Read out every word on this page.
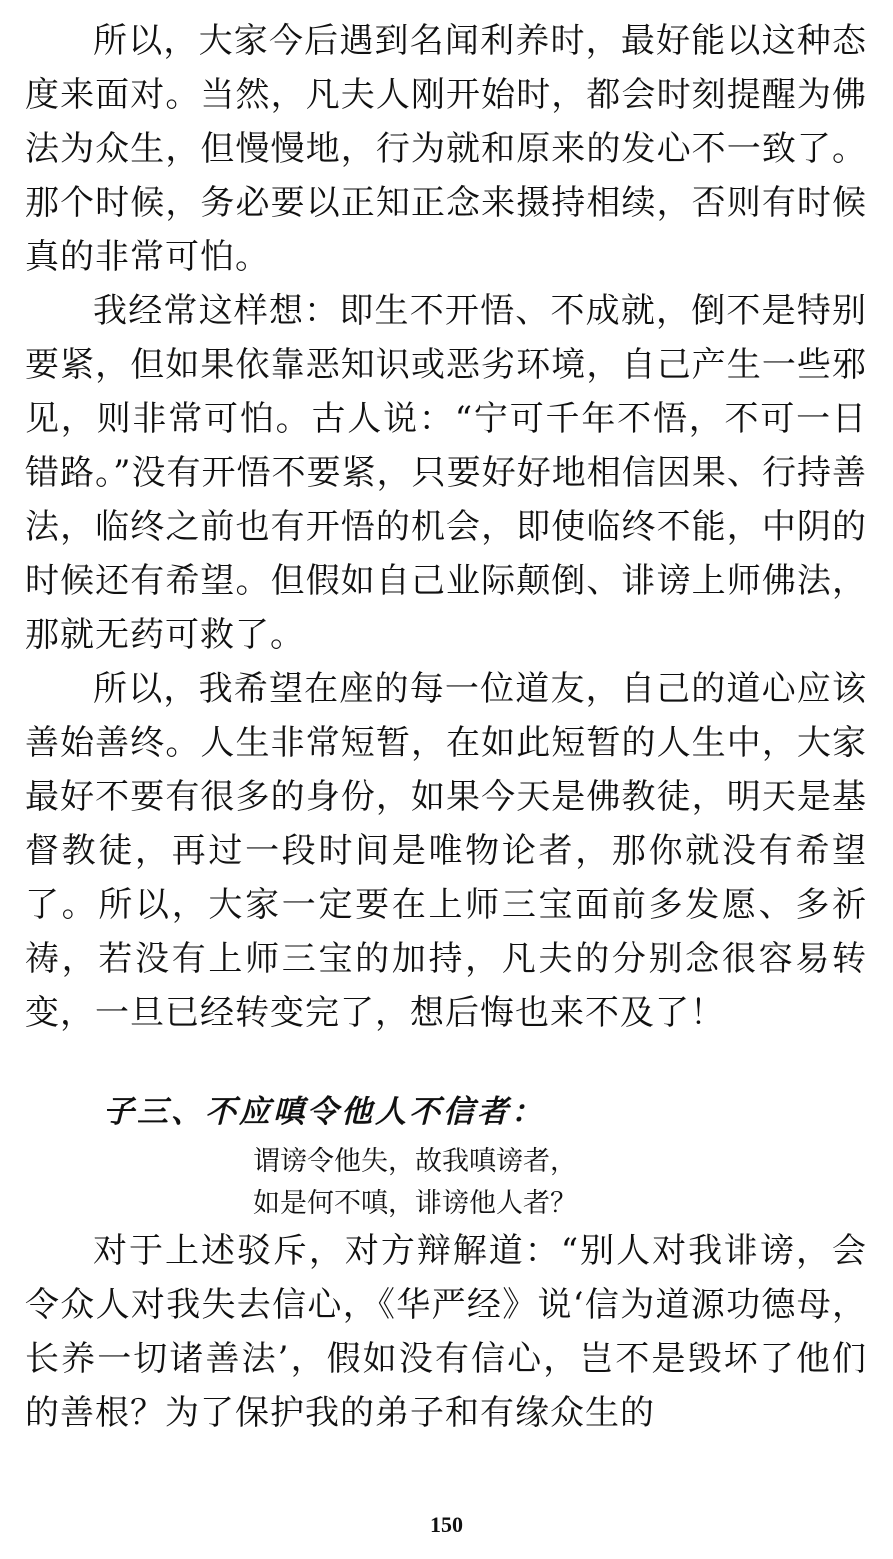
所以，大家今后遇到名闻利养时，最好能以这种态度来面对。当然，凡夫人刚开始时，都会时刻提醒为佛法为众生，但慢慢地，行为就和原来的发心不一致了。那个时候，务必要以正知正念来摄持相续，否则有时候真的非常可怕。

我经常这样想：即生不开悟、不成就，倒不是特别要紧，但如果依靠恶知识或恶劣环境，自己产生一些邪见，则非常可怕。古人说：“宁可千年不悟，不可一日错路。”没有开悟不要紧，只要好好地相信因果、行持善法，临终之前也有开悟的机会，即使临终不能，中阴的时候还有希望。但假如自己业际颠倒、诽谤上师佛法，那就无药可救了。

所以，我希望在座的每一位道友，自己的道心应该善始善终。人生非常短暂，在如此短暂的人生中，大家最好不要有很多的身份，如果今天是佛教徒，明天是基督教徒，再过一段时间是唯物论者，那你就没有希望了。所以，大家一定要在上师三宝面前多发愿、多祈祷，若没有上师三宝的加持，凡夫的分别念很容易转变，一旦已经转变完了，想后悔也来不及了！

子三、不应嗔令他人不信者：
谓谤令他失，故我嗔谤者，
如是何不嗔，诽谤他人者？

对于上述驳斥，对方辩解道：“别人对我诽谤，会令众人对我失去信心，《华严经》说‘信为道源功德母，长养一切诸善法’，假如没有信心，岂不是毁坏了他们的善根？为了保护我的弟子和有缘众生的

150
